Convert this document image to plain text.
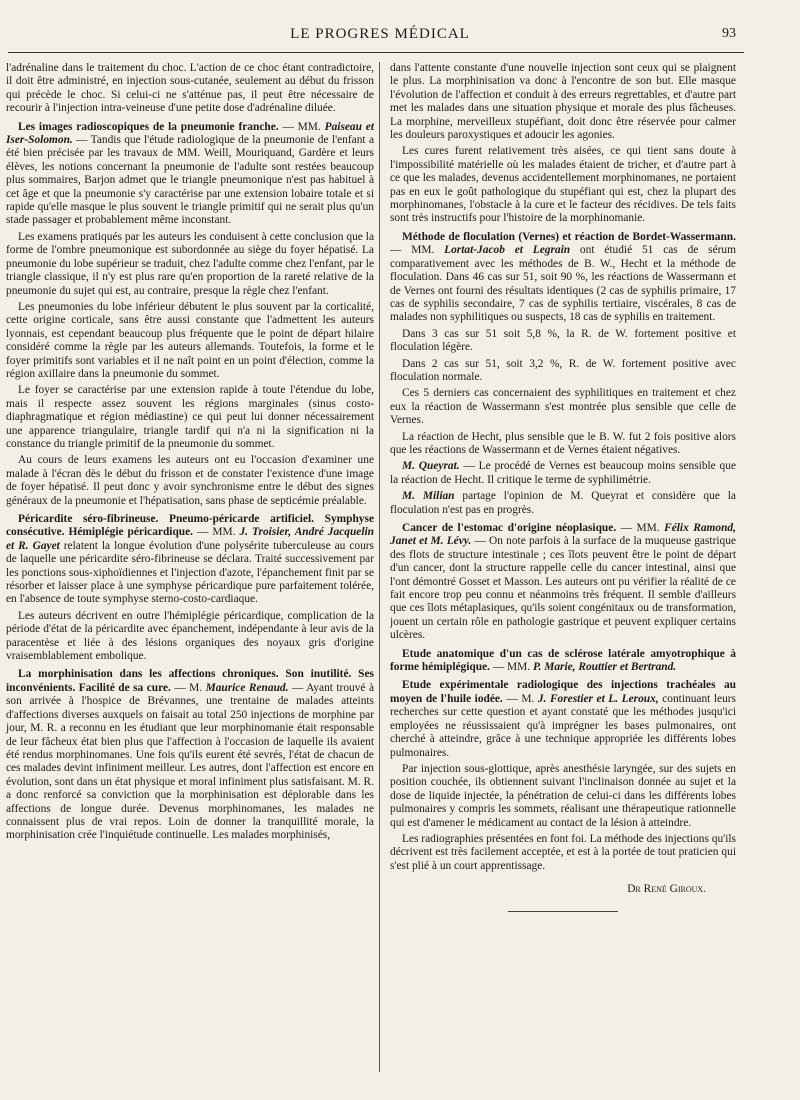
LE PROGRES MÉDICAL	93

l'adrénaline dans le traitement du choc. L'action de ce choc étant contradictoire, il doit être administré, en injection sous-cutanée, seulement au début du frisson qui précède le choc. Si celui-ci ne s'atténue pas, il peut être nécessaire de recourir à l'injection intra-veineuse d'une petite dose d'adrénaline diluée.

Les images radioscopiques de la pneumonie franche. — MM. Paiseau et Iser-Solomon. — Tandis que l'étude radiologique de la pneumonie de l'enfant a été bien précisée par les travaux de MM. Weill, Mouriquand, Gardère et leurs élèves, les notions concernant la pneumonie de l'adulte sont restées beaucoup plus sommaires, Barjon admet que le triangle pneumonique n'est pas habituel à cet âge et que la pneumonie s'y caractérise par une extension lobaire totale et si rapide qu'elle masque le plus souvent le triangle primitif qui ne serait plus qu'un stade passager et probablement même inconstant.

Les examens pratiqués par les auteurs les conduisent à cette conclusion que la forme de l'ombre pneumonique est subordonnée au siège du foyer hépatisé. La pneumonie du lobe supérieur se traduit, chez l'adulte comme chez l'enfant, par le triangle classique, il n'y est plus rare qu'en proportion de la rareté relative de la pneumonie du sujet qui est, au contraire, presque la règle chez l'enfant.

Les pneumonies du lobe inférieur débutent le plus souvent par la corticalité, cette origine corticale, sans être aussi constante que l'admettent les auteurs lyonnais, est cependant beaucoup plus fréquente que le point de départ hilaire considéré comme la règle par les auteurs allemands. Toutefois, la forme et le foyer primitifs sont variables et il ne naît point en un point d'élection, comme la région axillaire dans la pneumonie du sommet.

Le foyer se caractérise par une extension rapide à toute l'étendue du lobe, mais il respecte assez souvent les régions marginales (sinus costo-diaphragmatique et région médiastine) ce qui peut lui donner nécessairement une apparence triangulaire, triangle tardif qui n'a ni la signification ni la constance du triangle primitif de la pneumonie du sommet.

Au cours de leurs examens les auteurs ont eu l'occasion d'examiner une malade à l'écran dès le début du frisson et de constater l'existence d'une image de foyer hépatisé. Il peut donc y avoir synchronisme entre le début des signes généraux de la pneumonie et l'hépatisation, sans phase de septicémie préalable.

Péricardite séro-fibrineuse. Pneumo-péricarde artificiel. Symphyse consécutive. Hémiplégie péricardique. — MM. J. Troisier, André Jacquelin et R. Gayet relatent la longue évolution d'une polysérite tuberculeuse au cours de laquelle une péricardite séro-fibrineuse se déclara. Traité successivement par les ponctions sous-xiphoïdiennes et l'injection d'azote, l'épanchement finit par se résorber et laisser place à une symphyse péricardique pure parfaitement tolérée, en l'absence de toute symphyse sterno-costo-cardiaque.

Les auteurs décrivent en outre l'hémiplégie péricardique, complication de la période d'état de la péricardite avec épanchement, indépendante à leur avis de la paracentèse et liée à des lésions organiques des noyaux gris d'origine vraisemblablement embolique.

La morphinisation dans les affections chroniques. Son inutilité. Ses inconvénients. Facilité de sa cure. — M. Maurice Renaud. — Ayant trouvé à son arrivée à l'hospice de Brévannes, une trentaine de malades atteints d'affections diverses auxquels on faisait au total 250 injections de morphine par jour, M. R. a reconnu en les étudiant que leur morphinomanie était responsable de leur fâcheux état bien plus que l'affection à l'occasion de laquelle ils avaient été rendus morphinomanes. Une fois qu'ils eurent été sevrés, l'état de chacun de ces malades devint infiniment meilleur. Les autres, dont l'affection est encore en évolution, sont dans un état physique et moral infiniment plus satisfaisant. M. R. a donc renforcé sa conviction que la morphinisation est déplorable dans les affections de longue durée. Devenus morphinomanes, les malades ne connaissent plus de vrai repos. Loin de donner la tranquillité morale, la morphinisation crée l'inquiétude continuelle. Les malades morphinisés,

dans l'attente constante d'une nouvelle injection sont ceux qui se plaignent le plus. La morphinisation va donc à l'encontre de son but. Elle masque l'évolution de l'affection et conduit à des erreurs regrettables, et d'autre part met les malades dans une situation physique et morale des plus fâcheuses. La morphine, merveilleux stupéfiant, doit donc être réservée pour calmer les douleurs paroxystiques et adoucir les agonies.

Les cures furent relativement très aisées, ce qui tient sans doute à l'impossibilité matérielle où les malades étaient de tricher, et d'autre part à ce que les malades, devenus accidentellement morphinomanes, ne portaient pas en eux le goût pathologique du stupéfiant qui est, chez la plupart des morphinomanes, l'obstacle à la cure et le facteur des récidives. De tels faits sont très instructifs pour l'histoire de la morphinomanie.

Méthode de floculation (Vernes) et réaction de Bordet-Wassermann. — MM. Lortat-Jacob et Legrain ont étudié 51 cas de sérum comparativement avec les méthodes de B. W., Hecht et la méthode de floculation. Dans 46 cas sur 51, soit 90 %, les réactions de Wassermann et de Vernes ont fourni des résultats identiques (2 cas de syphilis primaire, 17 cas de syphilis secondaire, 7 cas de syphilis tertiaire, viscérales, 8 cas de malades non syphilitiques ou suspects, 18 cas de syphilis en traitement.

Dans 3 cas sur 51 soit 5,8 %, la R. de W. fortement positive et floculation légère.

Dans 2 cas sur 51, soit 3,2 %, R. de W. fortement positive avec floculation normale.

Ces 5 derniers cas concernaient des syphilitiques en traitement et chez eux la réaction de Wassermann s'est montrée plus sensible que celle de Vernes.

La réaction de Hecht, plus sensible que le B. W. fut 2 fois positive alors que les réactions de Wassermann et de Vernes étaient négatives.

M. Queyrat. — Le procédé de Vernes est beaucoup moins sensible que la réaction de Hecht. Il critique le terme de syphilimétrie.

M. Milian partage l'opinion de M. Queyrat et considère que la floculation n'est pas en progrès.

Cancer de l'estomac d'origine néoplasique. — MM. Félix Ramond, Janet et M. Lévy. — On note parfois à la surface de la muqueuse gastrique des flots de structure intestinale ; ces îlots peuvent être le point de départ d'un cancer, dont la structure rappelle celle du cancer intestinal, ainsi que l'ont démontré Gosset et Masson. Les auteurs ont pu vérifier la réalité de ce fait encore trop peu connu et néanmoins très fréquent. Il semble d'ailleurs que ces îlots métaplasiques, qu'ils soient congénitaux ou de transformation, jouent un certain rôle en pathologie gastrique et peuvent expliquer certains ulcères.

Etude anatomique d'un cas de sclérose latérale amyotrophique à forme hémiplégique. — MM. P. Marie, Routtier et Bertrand.

Etude expérimentale radiologique des injections trachéales au moyen de l'huile iodée. — M. J. Forestier et L. Leroux, continuant leurs recherches sur cette question et ayant constaté que les méthodes jusqu'ici employées ne réussissaient qu'à imprégner les bases pulmonaires, ont cherché à atteindre, grâce à une technique appropriée les différents lobes pulmonaires.

Par injection sous-glottique, après anesthésie laryngée, sur des sujets en position couchée, ils obtiennent suivant l'inclinaison donnée au sujet et la dose de liquide injectée, la pénétration de celui-ci dans les différents lobes pulmonaires y compris les sommets, réalisant une thérapeutique rationnelle qui est d'amener le médicament au contact de la lésion à atteindre.

Les radiographies présentées en font foi. La méthode des injections qu'ils décrivent est très facilement acceptée, et est à la portée de tout praticien qui s'est plié à un court apprentissage.

Dr René Giroux.
